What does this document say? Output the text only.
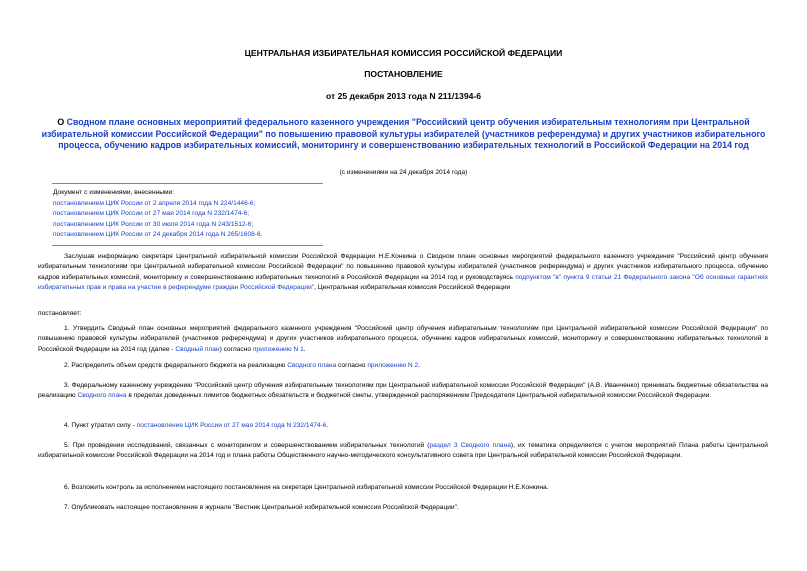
ЦЕНТРАЛЬНАЯ ИЗБИРАТЕЛЬНАЯ КОМИССИЯ РОССИЙСКОЙ ФЕДЕРАЦИИ
ПОСТАНОВЛЕНИЕ
от 25 декабря 2013 года N 211/1394-6
О Сводном плане основных мероприятий федерального казенного учреждения "Российский центр обучения избирательным технологиям при Центральной избирательной комиссии Российской Федерации" по повышению правовой культуры избирателей (участников референдума) и других участников избирательного процесса, обучению кадров избирательных комиссий, мониторингу и совершенствованию избирательных технологий в Российской Федерации на 2014 год
(с изменениями на 24 декабря 2014 года)
Документ с изменениями, внесенными:
постановлением ЦИК России от 2 апреля 2014 года N 224/1446-6;
постановлением ЦИК России от 27 мая 2014 года N 232/1474-6;
постановлением ЦИК России от 30 июля 2014 года N 243/1512-6;
постановлением ЦИК России от 24 декабря 2014 года N 265/1608-6.
Заслушав информацию секретаря Центральной избирательной комиссии Российской Федерации Н.Е.Конкина о Сводном плане основных мероприятий федерального казенного учреждения "Российский центр обучения избирательным технологиям при Центральной избирательной комиссии Российской Федерации" по повышению правовой культуры избирателей (участников референдума) и других участников избирательного процесса, обучению кадров избирательных комиссий, мониторингу и совершенствованию избирательных технологий в Российской Федерации на 2014 год и руководствуясь подпунктом "в" пункта 9 статьи 21 Федерального закона "Об основных гарантиях избирательных прав и права на участие в референдуме граждан Российской Федерации", Центральная избирательная комиссия Российской Федерации
постановляет:
1. Утвердить Сводный план основных мероприятий федерального казенного учреждения "Российский центр обучения избирательным технологиям при Центральной избирательной комиссии Российской Федерации" по повышению правовой культуры избирателей (участников референдума) и других участников избирательного процесса, обучению кадров избирательных комиссий, мониторингу и совершенствованию избирательных технологий в Российской Федерации на 2014 год (далее - Сводный план) согласно приложению N 1.
2. Распределить объем средств федерального бюджета на реализацию Сводного плана согласно приложению N 2.
3. Федеральному казенному учреждению "Российский центр обучения избирательным технологиям при Центральной избирательной комиссии Российской Федерации" (А.В. Иванченко) принимать бюджетные обязательства на реализацию Сводного плана в пределах доведенных лимитов бюджетных обязательств и бюджетной сметы, утвержденной распоряжением Председателя Центральной избирательной комиссии Российской Федерации.
4. Пункт утратил силу - постановление ЦИК России от 27 мая 2014 года N 232/1474-6.
5. При проведении исследований, связанных с мониторингом и совершенствованием избирательных технологий (раздел 3 Сводного плана), их тематика определяется с учетом мероприятий Плана работы Центральной избирательной комиссии Российской Федерации на 2014 год и плана работы Общественного научно-методического консультативного совета при Центральной избирательной комиссии Российской Федерации.
6. Возложить контроль за исполнением настоящего постановления на секретаря Центральной избирательной комиссии Российской Федерации Н.Е.Конкина.
7. Опубликовать настоящее постановление в журнале "Вестник Центральной избирательной комиссии Российской Федерации".
